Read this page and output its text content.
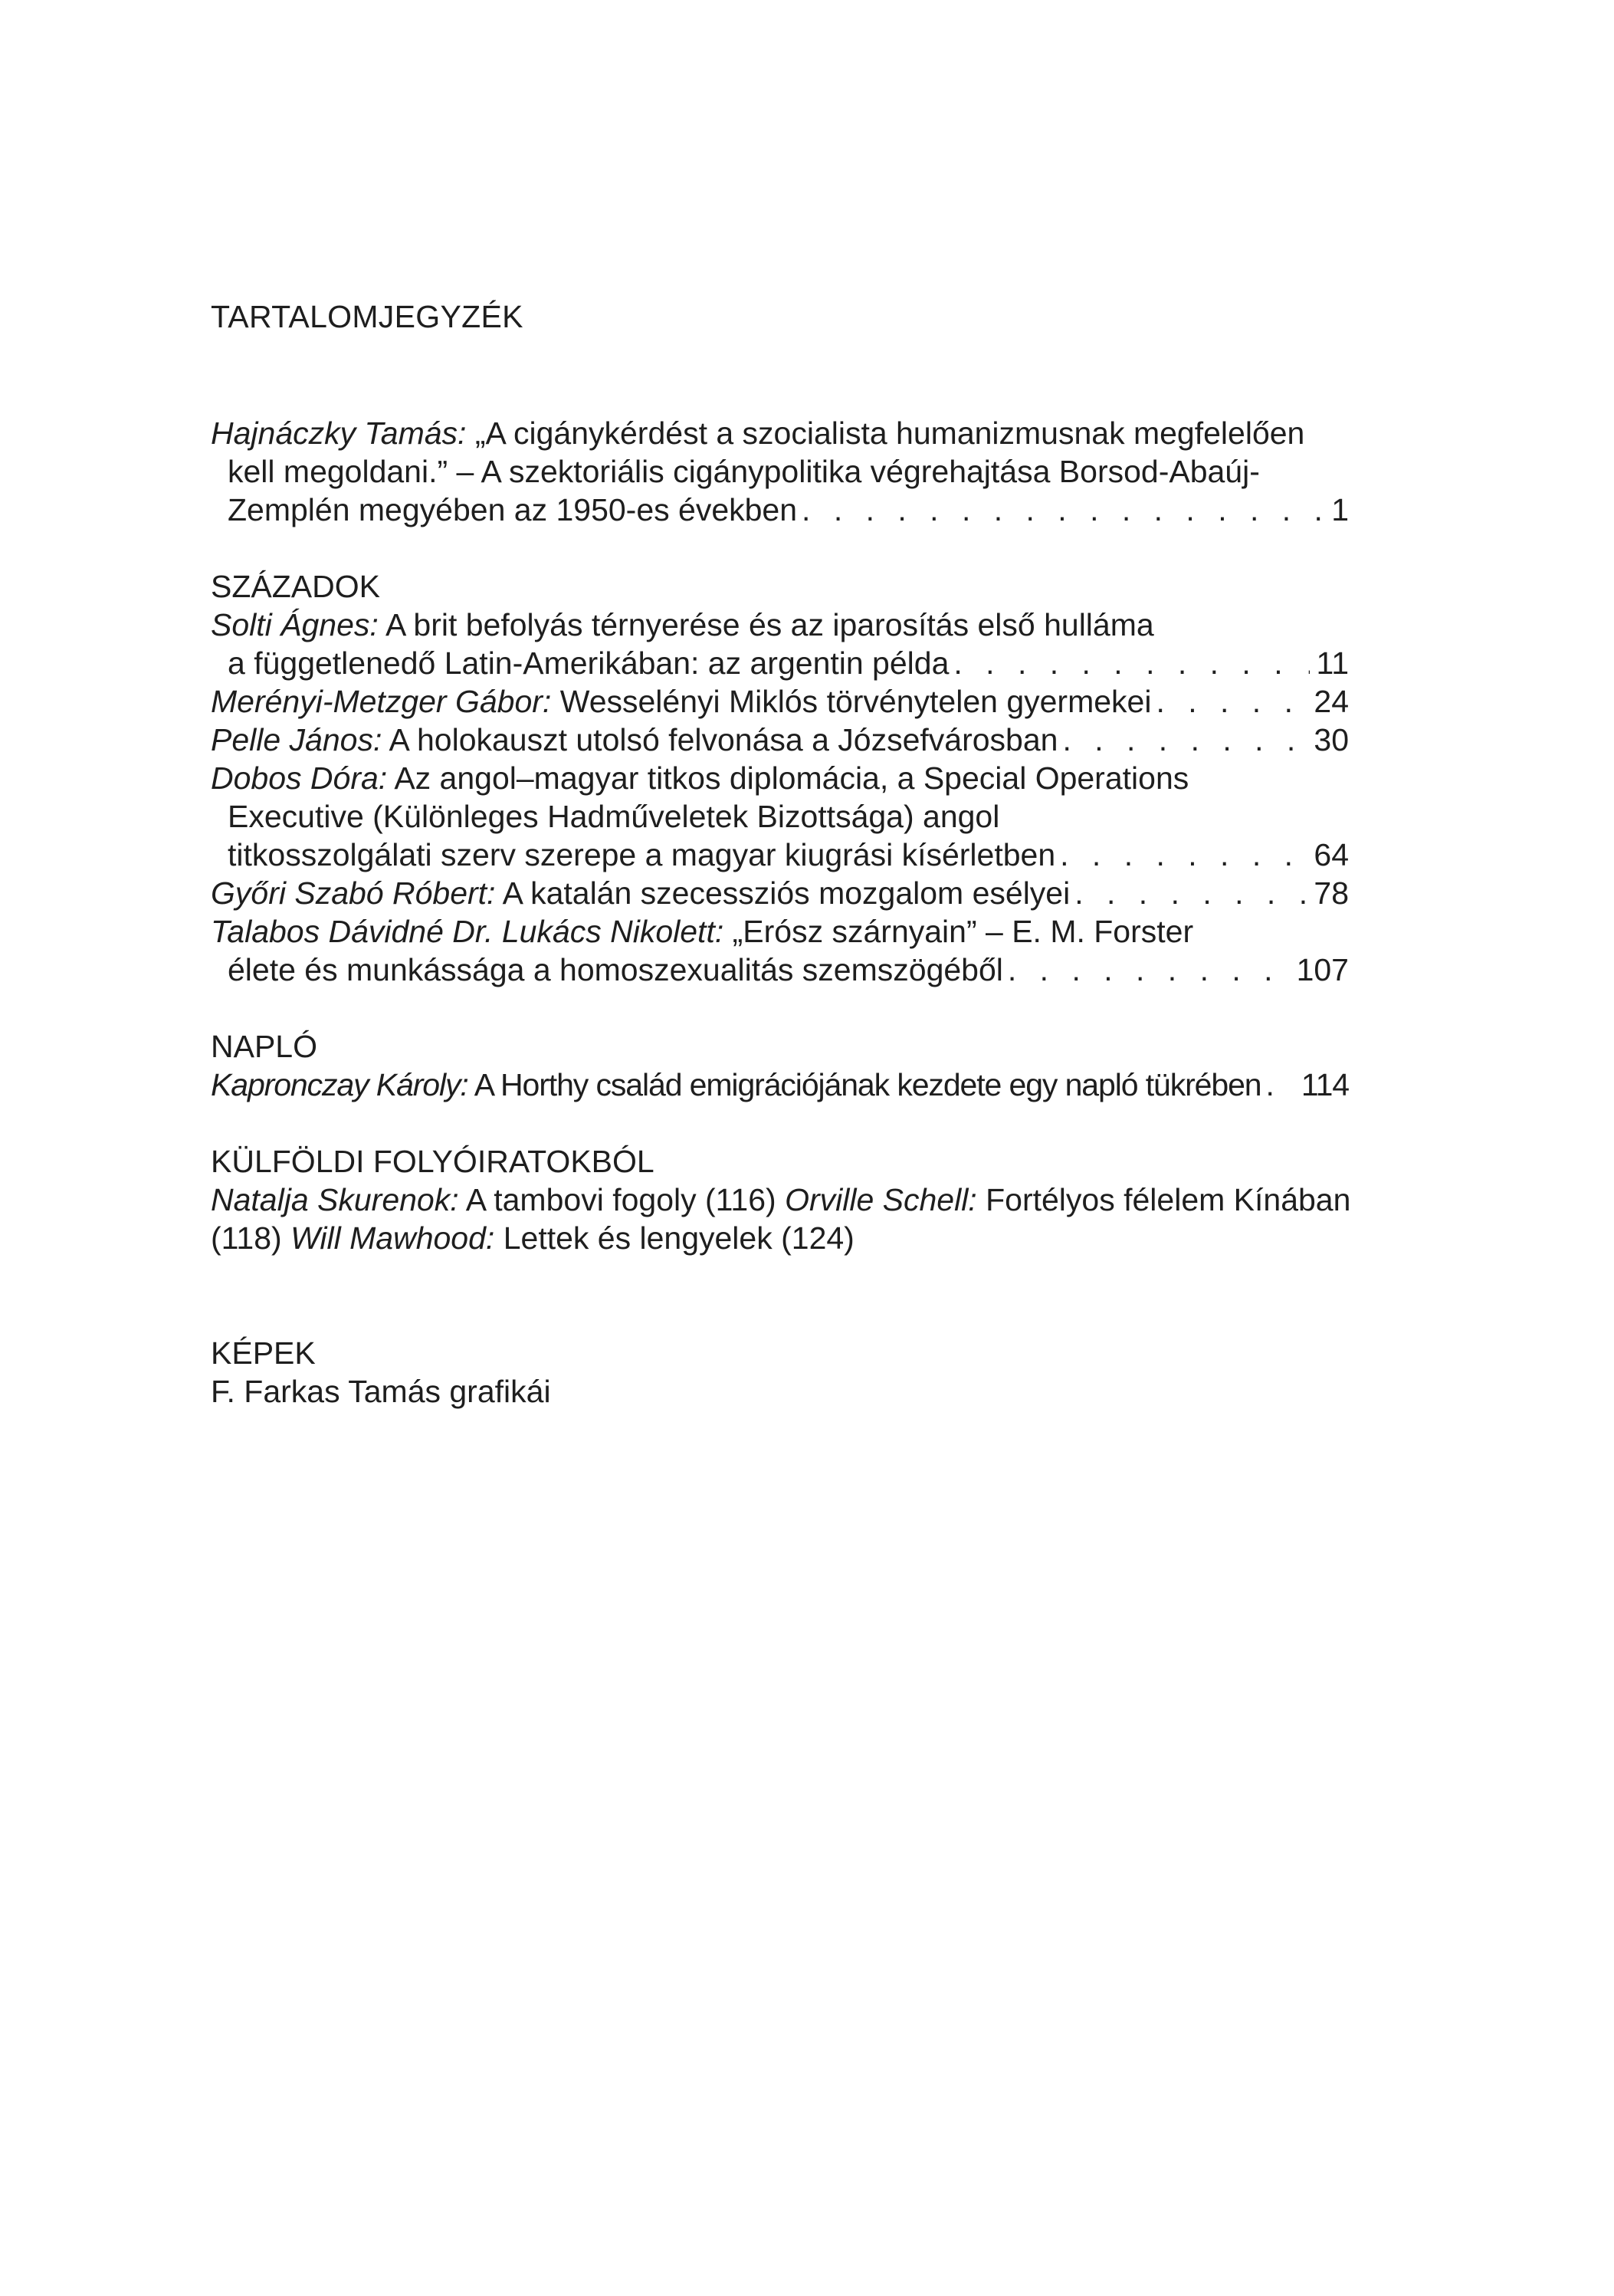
TARTALOMJEGYZÉK
Hajnáczky Tamás: „A cigánykérdést a szocialista humanizmusnak megfelelően
kell megoldani.” – A szektoriális cigánypolitika végrehajtása Borsod-Abaúj-
Zemplén megyében az 1950-es években . . .	1
SZÁZADOK
Solti Ágnes: A brit befolyás térnyerése és az iparosítás első hulláma
a függetlenedő Latin-Amerikában: az argentin példa . . .	11
Merényi-Metzger Gábor: Wesselényi Miklós törvénytelen gyermekei . . .	24
Pelle János: A holokauszt utolsó felvonása a Józsefvárosban . . .	30
Dobos Dóra: Az angol–magyar titkos diplomácia, a Special Operations
Executive (Különleges Hadműveletek Bizottsága) angol
titkosszolgálati szerv szerepe a magyar kiugrási kísérletben . . .	64
Győri Szabó Róbert: A katalán szecessziós mozgalom esélyei . . .	78
Talabos Dávidné Dr. Lukács Nikolett: „Erósz szárnyain” – E. M. Forster
élete és munkássága a homoszexualitás szemszögéből . . .	107
NAPLÓ
Kapronczay Károly: A Horthy család emigrációjának kezdete egy napló tükrében . . . 114
KÜLFÖLDI FOLYÓIRATOKBÓL
Natalja Skurenok: A tambovi fogoly (116) Orville Schell: Fortélyos félelem Kínában
(118) Will Mawhood: Lettek és lengyelek (124)
KÉPEK
F. Farkas Tamás grafikái
